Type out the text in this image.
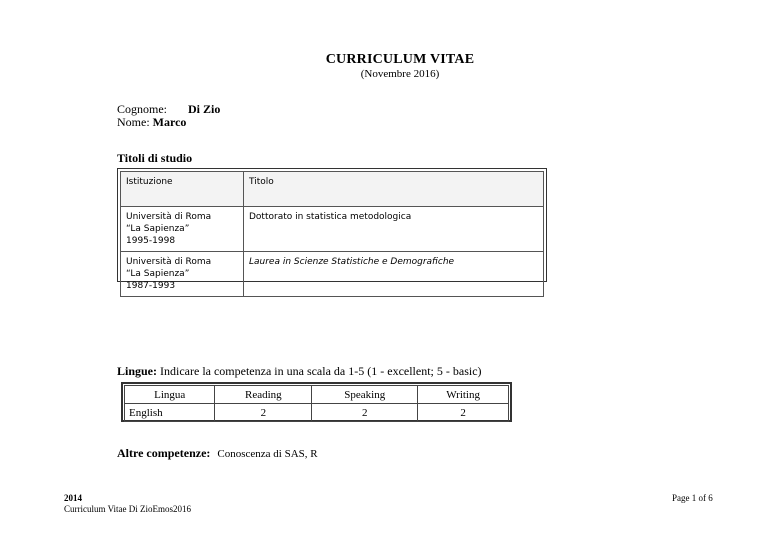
CURRICULUM VITAE
(Novembre 2016)
Cognome: Di Zio
Nome: Marco
Titoli di studio
Istituzione	Titolo

Università di Roma
“La Sapienza”
1995-1998	Dottorato in statistica metodologica

Università di Roma
“La Sapienza”
1987-1993	Laurea in Scienze Statistiche e Demografiche
Lingue: Indicare la competenza in una scala da 1-5 (1 - excellent; 5 - basic)
Lingua	Reading	Speaking	Writing
English	2	2	2
Altre competenze: Conoscenza di SAS, R
2014
Curriculum Vitae Di ZioEmos2016
Page 1 of 6
